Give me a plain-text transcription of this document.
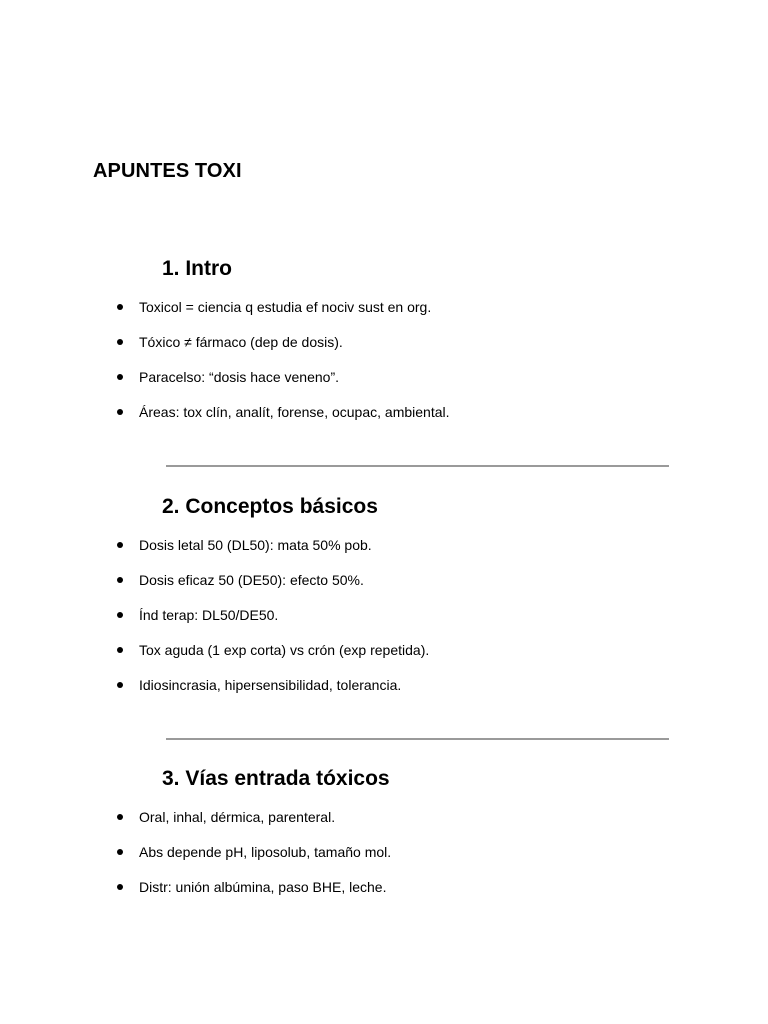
APUNTES TOXI
1. Intro
Toxicol = ciencia q estudia ef nociv sust en org.
Tóxico ≠ fármaco (dep de dosis).
Paracelso: “dosis hace veneno”.
Áreas: tox clín, analít, forense, ocupac, ambiental.
2. Conceptos básicos
Dosis letal 50 (DL50): mata 50% pob.
Dosis eficaz 50 (DE50): efecto 50%.
Índ terap: DL50/DE50.
Tox aguda (1 exp corta) vs crón (exp repetida).
Idiosincrasia, hipersensibilidad, tolerancia.
3. Vías entrada tóxicos
Oral, inhal, dérmica, parenteral.
Abs depende pH, liposolub, tamaño mol.
Distr: unión albúmina, paso BHE, leche.
